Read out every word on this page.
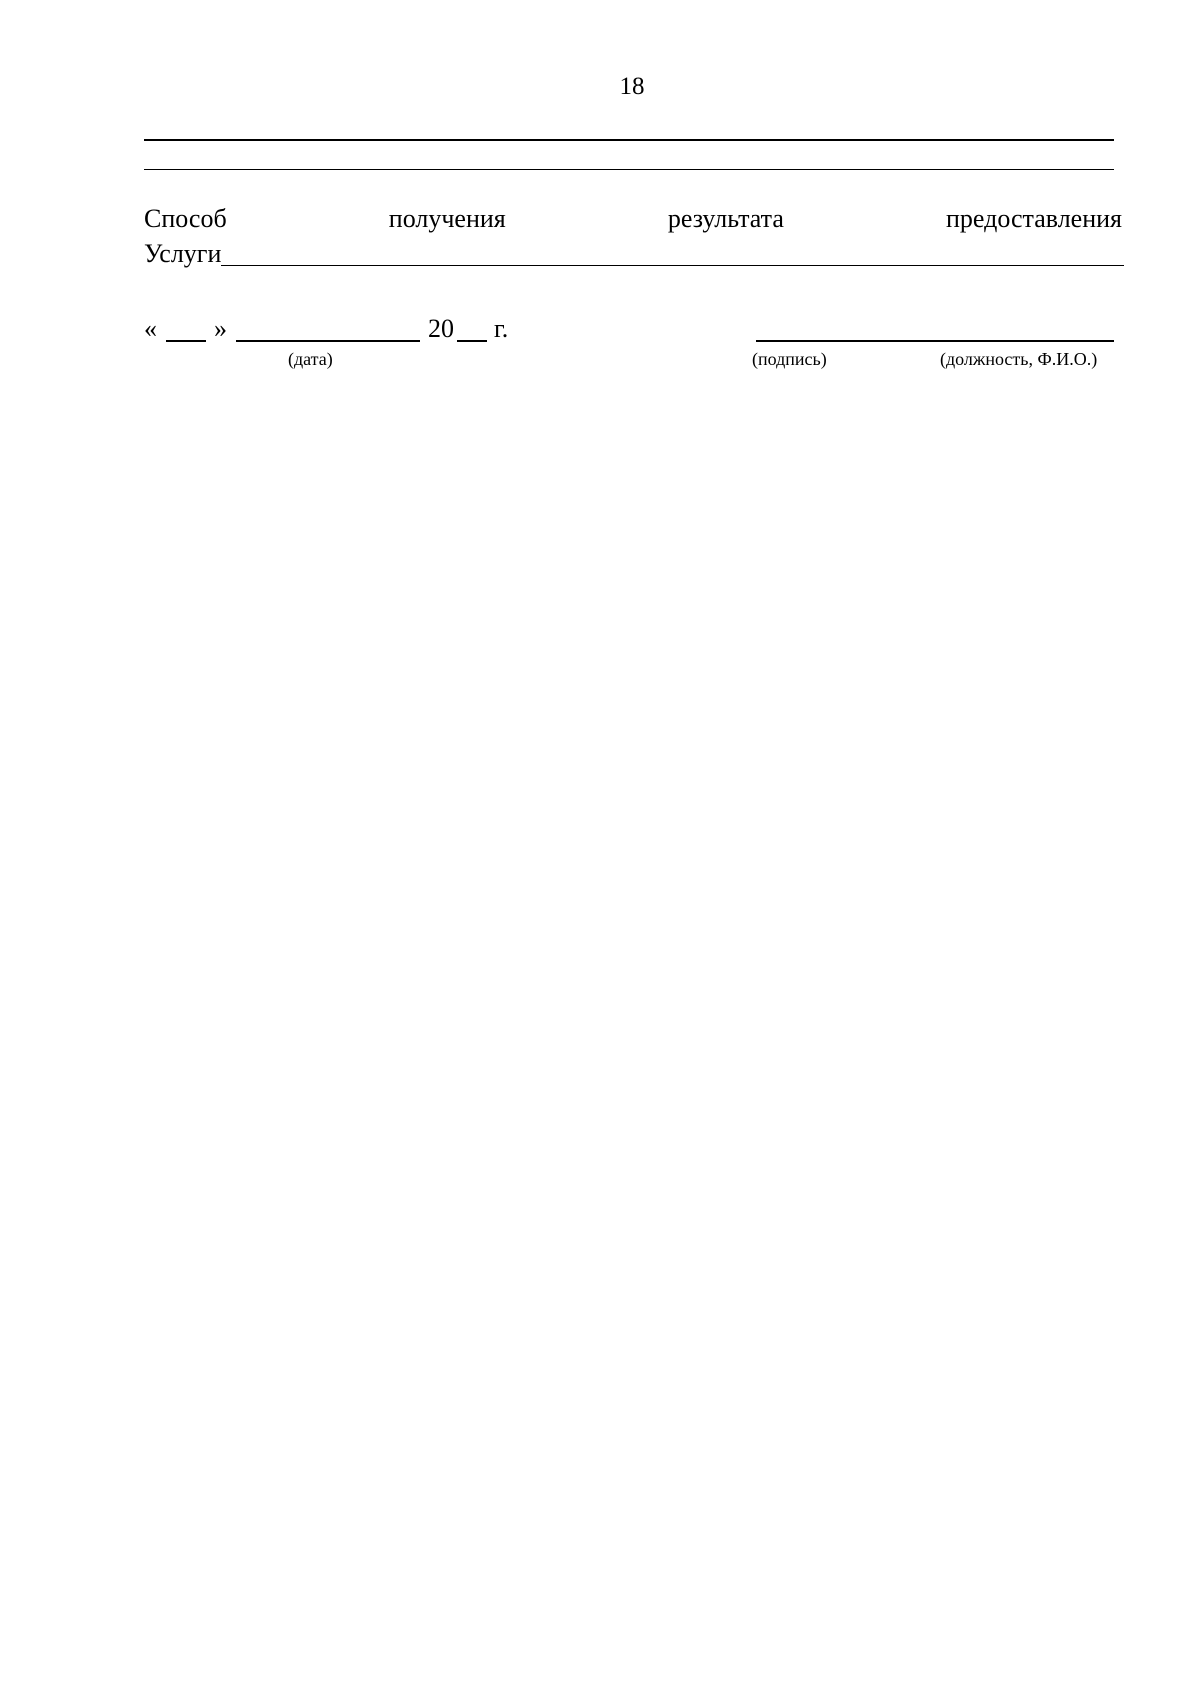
18
Способ	получения	результата	предоставления
Услуги
« »	20 г.
(дата)	(подпись)	(должность, Ф.И.О.)
